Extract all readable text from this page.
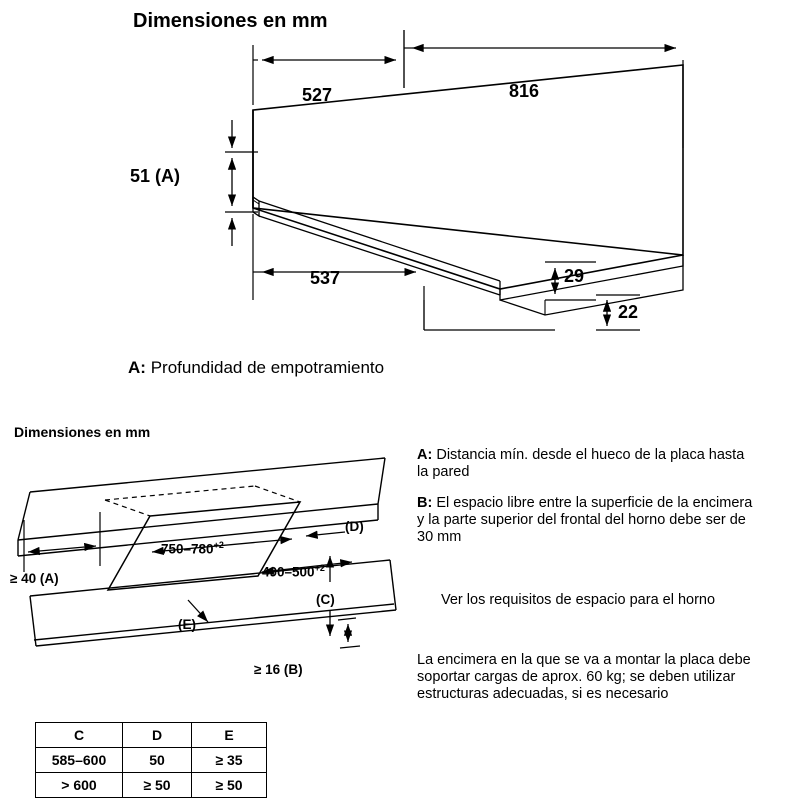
Dimensiones en mm
527	816
51 (A)
537	29
22
A: Profundidad de empotramiento
Dimensiones en mm
$750-780^{+2}$
$490-500^{+2}$
≥ 40 (A)
(D)
(C)
(E)
≥ 16 (B)
A: Distancia mín. desde el hueco de la placa hasta la pared
B: El espacio libre entre la superficie de la encimera y la parte superior del frontal del horno debe ser de 30 mm
Ver los requisitos de espacio para el horno
La encimera en la que se va a montar la placa debe soportar cargas de aprox. 60 kg; se deben utilizar estructuras adecuadas, si es necesario
C	D	E
585–600	50	≥ 35
> 600	≥ 50	≥ 50
